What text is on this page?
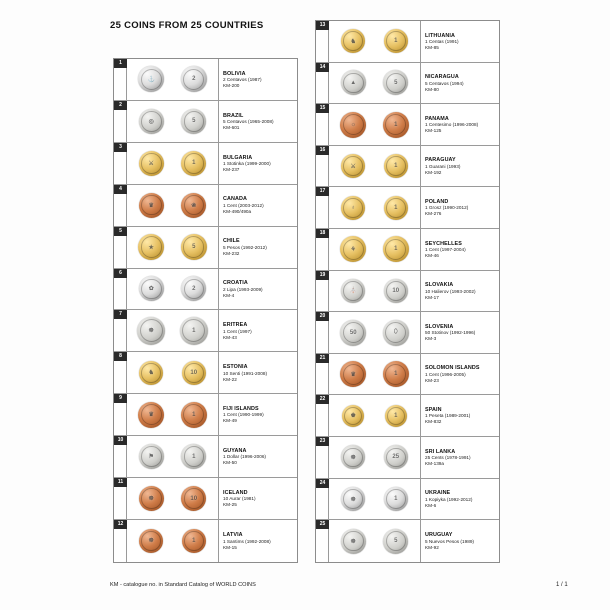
25 COINS FROM 25 COUNTRIES
1
⚓	2
BOLIVIA
2 Centavos (1987)
KM-200
2
◎	5
BRAZIL
5 Centavos (1965-2008)
KM-601
3
⚔	1
BULGARIA
1 Stotinka (1999-2000)
KM-237
4
♛	❀
CANADA
1 Cent (2003-2012)
KM-490/490a
5
★	5
CHILE
5 Pesos (1992-2012)
KM-232
6
✿	2
CROATIA
2 Lipa (1993-2009)
KM-4
7
☸	1
ERITREA
1 Cent (1997)
KM-43
8
♞	10
ESTONIA
10 Senti (1991-2008)
KM-22
9
♛	1
FIJI ISLANDS
1 Cent (1990-1999)
KM-49
10
⚑	1
GUYANA
1 Dollar (1996-2006)
KM-50
11
☸	10
ICELAND
10 Aurar (1981)
KM-25
12
☸	1
LATVIA
1 Santims (1992-2008)
KM-15
13
♞	1
LITHUANIA
1 Centas (1991)
KM-85
14
▲	5
NICARAGUA
5 Centavos (1994)
KM-80
15
☼	1
PANAMA
1 Centesimo (1996-2008)
KM-125
16
⚔	1
PARAGUAY
1 Guarani (1993)
KM-192
17
♁	1
POLAND
1 Grosz (1990-2012)
KM-276
18
⚘	1
SEYCHELLES
1 Cent (1997-2004)
KM-46
19
⛪	10
SLOVAKIA
10 Halierov (1993-2002)
KM-17
20
50	⬯
SLOVENIA
50 Stotinov (1992-1996)
KM-3
21
♛	1
SOLOMON ISLANDS
1 Cent (1996-2005)
KM-23
22
♚	1
SPAIN
1 Peseta (1989-2001)
KM-832
23
☸	25
SRI LANKA
25 Cents (1978-1991)
KM-139a
24
☸	1
UKRAINE
1 Kopiyka (1992-2012)
KM-6
25
☸	5
URUGUAY
5 Nuevos Pesos (1989)
KM-92
KM - catalogue no. in Standard Catalog of WORLD COINS	1 / 1
